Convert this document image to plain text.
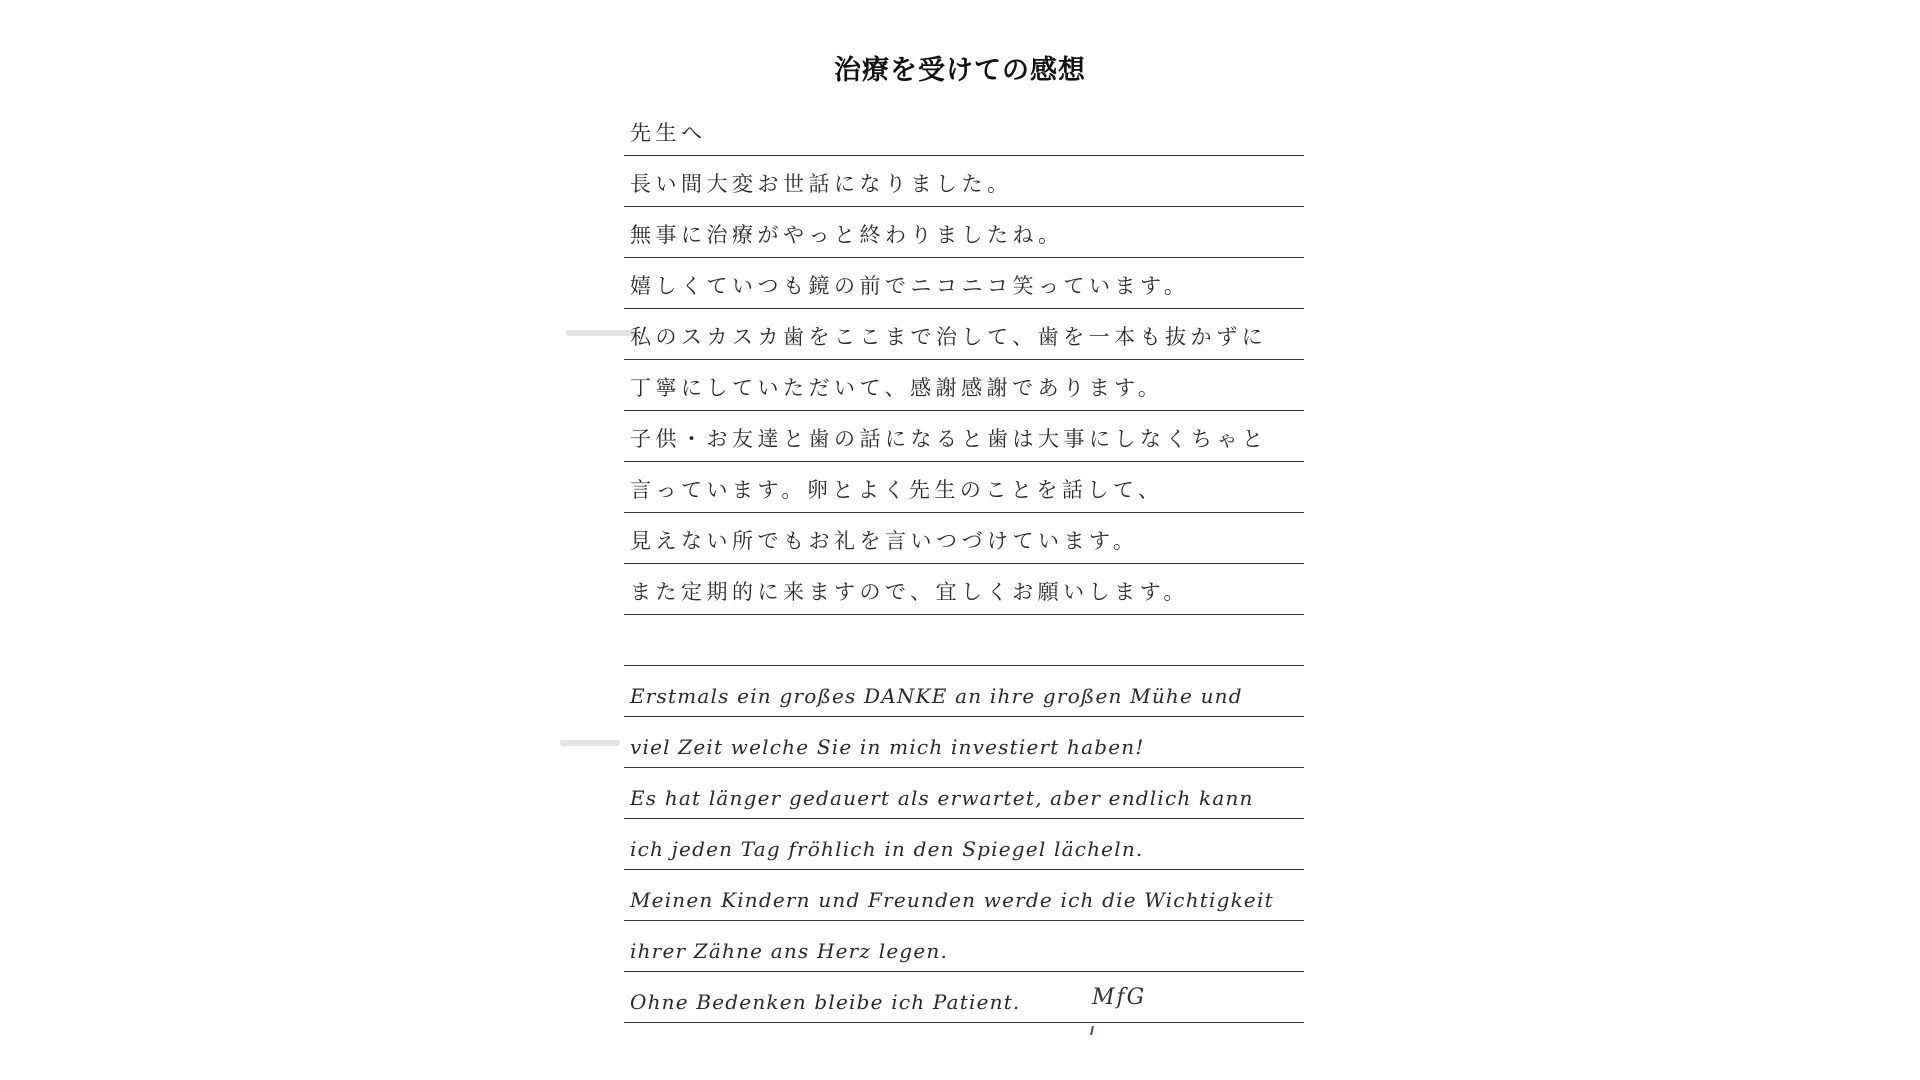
治療を受けての感想
先生へ
長い間大変お世話になりました。
無事に治療がやっと終わりましたね。
嬉しくていつも鏡の前でニコニコ笑っています。
私のスカスカ歯をここまで治して、歯を一本も抜かずに
丁寧にしていただいて、感謝感謝であります。
子供・お友達と歯の話になると歯は大事にしなくちゃと
言っています。卵とよく先生のことを話して、
見えない所でもお礼を言いつづけています。
また定期的に来ますので、宜しくお願いします。
Erstmals ein großes DANKE an ihre großen Mühe und
viel Zeit welche Sie in mich investiert haben!
Es hat länger gedauert als erwartet, aber endlich kann
ich jeden Tag fröhlich in den Spiegel lächeln.
Meinen Kindern und Freunden werde ich die Wichtigkeit
ihrer Zähne ans Herz legen.
Ohne Bedenken bleibe ich Patient.	MfG
